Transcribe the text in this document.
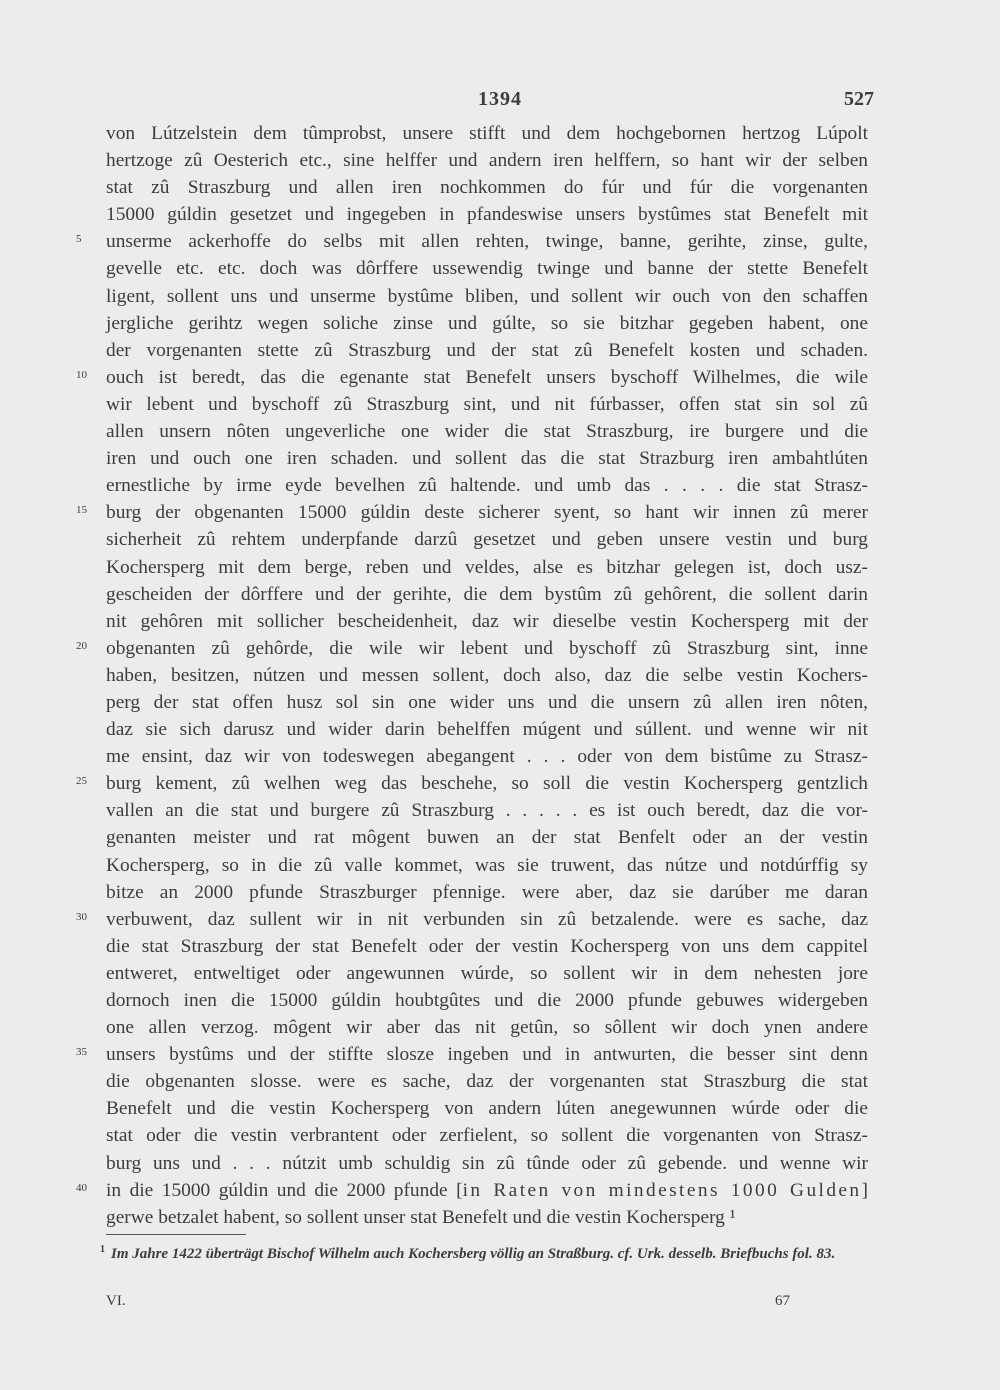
1394	527
von Lútzelstein dem tûmprobst, unsere stifft und dem hochgebornen hertzog Lúpolt
hertzoge zû Oesterich etc., sine helffer und andern iren helffern, so hant wir der selben
stat zû Straszburg und allen iren nochkommen do fúr und fúr die vorgenanten
15000 gúldin gesetzet und ingegeben in pfandeswise unsers bystûmes stat Benefelt mit
5	unserme ackerhoffe do selbs mit allen rehten, twinge, banne, gerihte, zinse, gulte,
gevelle etc. etc. doch was dôrffere ussewendig twinge und banne der stette Benefelt
ligent, sollent uns und unserme bystûme bliben, und sollent wir ouch von den schaffen
jergliche gerihtz wegen soliche zinse und gúlte, so sie bitzhar gegeben habent, one
der vorgenanten stette zû Straszburg und der stat zû Benefelt kosten und schaden.
10 ouch ist beredt, das die egenante stat Benefelt unsers byschoff Wilhelmes, die wile
wir lebent und byschoff zû Straszburg sint, und nit fúrbasser, offen stat sin sol zû
allen unsern nôten ungeverliche one wider die stat Straszburg, ire burgere und die
iren und ouch one iren schaden. und sollent das die stat Strazburg iren ambahtlúten
ernestliche by irme eyde bevelhen zû haltende. und umb das . . . . die stat Strasz-
15 burg der obgenanten 15000 gúldin deste sicherer syent, so hant wir innen zû merer
sicherheit zû rehtem underpfande darzû gesetzet und geben unsere vestin und burg
Kochersperg mit dem berge, reben und veldes, alse es bitzhar gelegen ist, doch usz-
gescheiden der dôrffere und der gerihte, die dem bystûm zû gehôrent, die sollent darin
nit gehôren mit sollicher bescheidenheit, daz wir dieselbe vestin Kochersperg mit der
20 obgenanten zû gehôrde, die wile wir lebent und byschoff zû Straszburg sint, inne
haben, besitzen, nútzen und messen sollent, doch also, daz die selbe vestin Kochers-
perg der stat offen husz sol sin one wider uns und die unsern zû allen iren nôten,
daz sie sich darusz und wider darin behelffen múgent und súllent. und wenne wir nit
me ensint, daz wir von todeswegen abegangent . . . oder von dem bistûme zu Strasz-
25 burg kement, zû welhen weg das beschehe, so soll die vestin Kochersperg gentzlich
vallen an die stat und burgere zû Straszburg . . . . . es ist ouch beredt, daz die vor-
genanten meister und rat môgent buwen an der stat Benfelt oder an der vestin
Kochersperg, so in die zû valle kommet, was sie truwent, das nútze und notdúrffig sy
bitze an 2000 pfunde Straszburger pfennige. were aber, daz sie darúber me daran
30 verbuwent, daz sullent wir in nit verbunden sin zû betzalende. were es sache, daz
die stat Straszburg der stat Benefelt oder der vestin Kochersperg von uns dem cappitel
entweret, entweltiget oder angewunnen wúrde, so sollent wir in dem nehesten jore
dornoch inen die 15000 gúldin houbtgûtes und die 2000 pfunde gebuwes widergeben
one allen verzog. môgent wir aber das nit getûn, so sôllent wir doch ynen andere
35 unsers bystûms und der stiffte slosze ingeben und in antwurten, die besser sint denn
die obgenanten slosse. were es sache, daz der vorgenanten stat Straszburg die stat
Benefelt und die vestin Kochersperg von andern lúten anegewunnen wúrde oder die
stat oder die vestin verbrantent oder zerfielent, so sollent die vorgenanten von Strasz-
burg uns und . . . nútzit umb schuldig sin zû tûnde oder zû gebende. und wenne wir
40 in die 15000 gúldin und die 2000 pfunde [in Raten von mindestens 1000 Gulden]
gerwe betzalet habent, so sollent unser stat Benefelt und die vestin Kochersperg ¹

$^1$ Im Jahre 1422 überträgt Bischof Wilhelm auch Kochersberg völlig an Straßburg. cf. Urk. desselb. Briefbuchs fol. 83.

VI.	67
